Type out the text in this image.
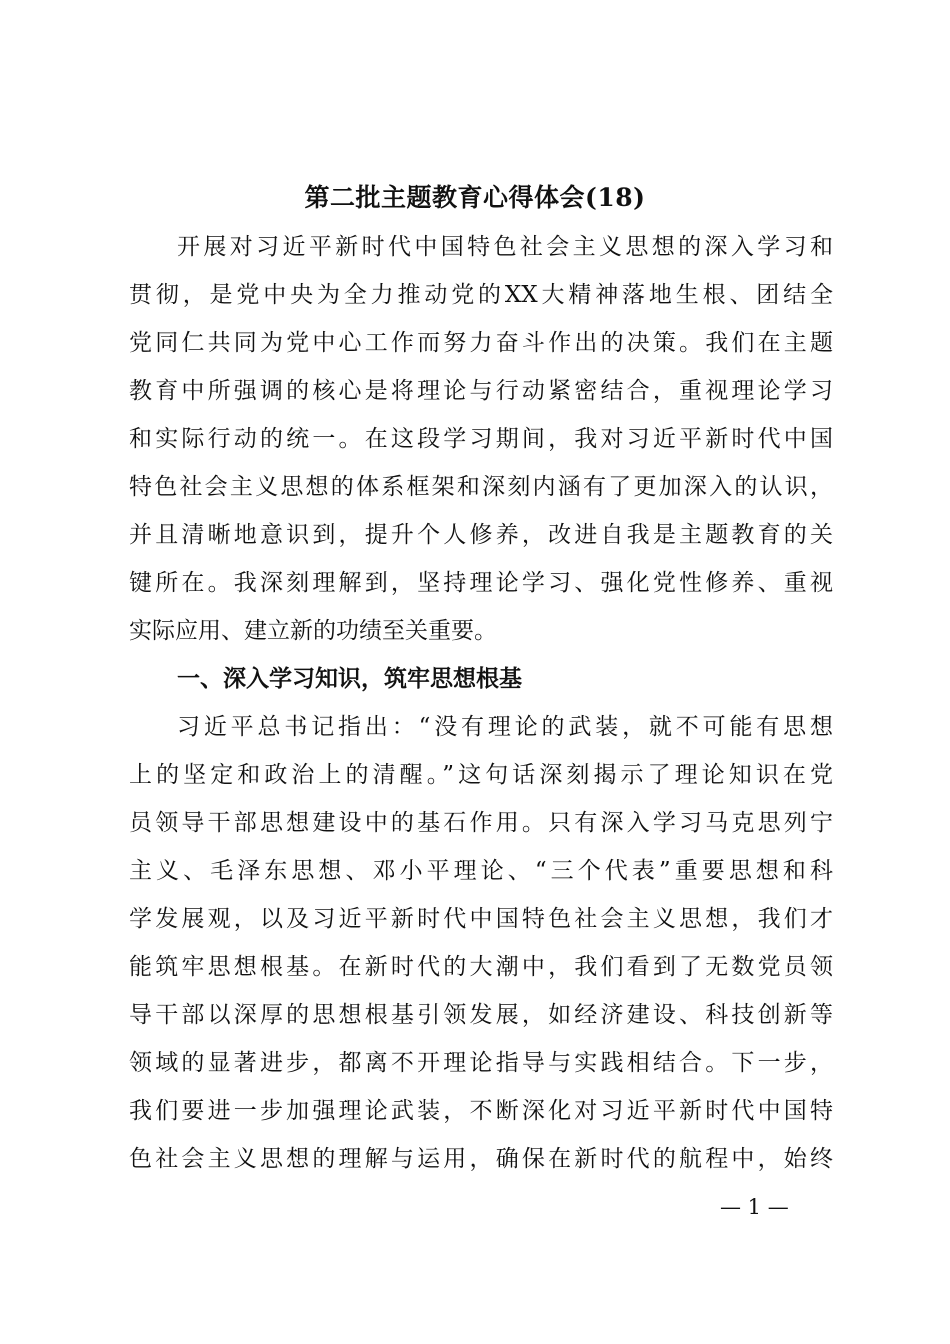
第二批主题教育心得体会(18)

开展对习近平新时代中国特色社会主义思想的深入学习和

贯彻，是党中央为全力推动党的XX大精神落地生根、团结全

党同仁共同为党中心工作而努力奋斗作出的决策。我们在主题

教育中所强调的核心是将理论与行动紧密结合，重视理论学习

和实际行动的统一。在这段学习期间，我对习近平新时代中国

特色社会主义思想的体系框架和深刻内涵有了更加深入的认识，

并且清晰地意识到，提升个人修养，改进自我是主题教育的关

键所在。我深刻理解到，坚持理论学习、强化党性修养、重视

实际应用、建立新的功绩至关重要。

一、深入学习知识，筑牢思想根基

习近平总书记指出：“没有理论的武装，就不可能有思想

上的坚定和政治上的清醒。”这句话深刻揭示了理论知识在党

员领导干部思想建设中的基石作用。只有深入学习马克思列宁

主义、毛泽东思想、邓小平理论、“三个代表”重要思想和科

学发展观，以及习近平新时代中国特色社会主义思想，我们才

能筑牢思想根基。在新时代的大潮中，我们看到了无数党员领

导干部以深厚的思想根基引领发展，如经济建设、科技创新等

领域的显著进步，都离不开理论指导与实践相结合。下一步，

我们要进一步加强理论武装，不断深化对习近平新时代中国特

色社会主义思想的理解与运用，确保在新时代的航程中，始终

— 1 —
